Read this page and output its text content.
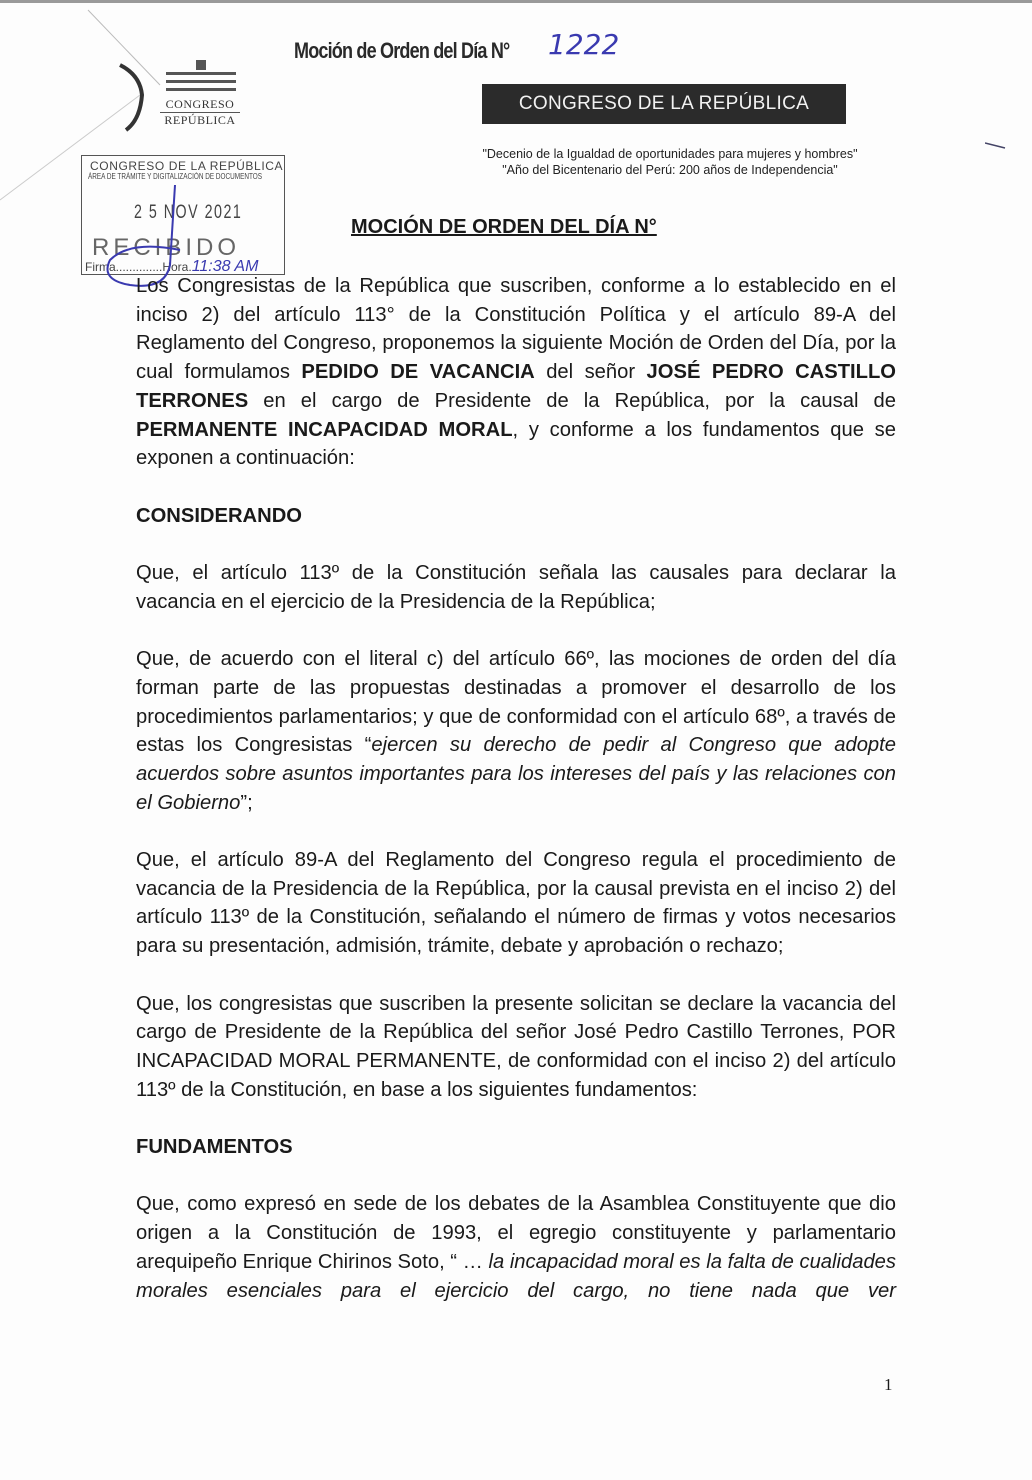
CONGRESO
REPÚBLICA
Moción de Orden del Día N° 1222
CONGRESO DE LA REPÚBLICA
"Decenio de la Igualdad de oportunidades para mujeres y hombres"
"Año del Bicentenario del Perú: 200 años de Independencia"
CONGRESO DE LA REPÚBLICA
ÁREA DE TRÁMITE Y DIGITALIZACIÓN DE DOCUMENTOS
2 5 NOV 2021
RECIBIDO
Firma..............Hora.11:38 AM
MOCIÓN DE ORDEN DEL DÍA N°

Los Congresistas de la República que suscriben, conforme a lo establecido en el inciso 2) del artículo 113° de la Constitución Política y el artículo 89-A del Reglamento del Congreso, proponemos la siguiente Moción de Orden del Día, por la cual formulamos PEDIDO DE VACANCIA del señor JOSÉ PEDRO CASTILLO TERRONES en el cargo de Presidente de la República, por la causal de PERMANENTE INCAPACIDAD MORAL, y conforme a los fundamentos que se exponen a continuación:

CONSIDERANDO

Que, el artículo 113º de la Constitución señala las causales para declarar la vacancia en el ejercicio de la Presidencia de la República;

Que, de acuerdo con el literal c) del artículo 66º, las mociones de orden del día forman parte de las propuestas destinadas a promover el desarrollo de los procedimientos parlamentarios; y que de conformidad con el artículo 68º, a través de estas los Congresistas “ejercen su derecho de pedir al Congreso que adopte acuerdos sobre asuntos importantes para los intereses del país y las relaciones con el Gobierno”;

Que, el artículo 89-A del Reglamento del Congreso regula el procedimiento de vacancia de la Presidencia de la República, por la causal prevista en el inciso 2) del artículo 113º de la Constitución, señalando el número de firmas y votos necesarios para su presentación, admisión, trámite, debate y aprobación o rechazo;

Que, los congresistas que suscriben la presente solicitan se declare la vacancia del cargo de Presidente de la República del señor José Pedro Castillo Terrones, POR INCAPACIDAD MORAL PERMANENTE, de conformidad con el inciso 2) del artículo 113º de la Constitución, en base a los siguientes fundamentos:

FUNDAMENTOS

Que, como expresó en sede de los debates de la Asamblea Constituyente que dio origen a la Constitución de 1993, el egregio constituyente y parlamentario arequipeño Enrique Chirinos Soto, “ … la incapacidad moral es la falta de cualidades morales esenciales para el ejercicio del cargo, no tiene nada que ver

1
